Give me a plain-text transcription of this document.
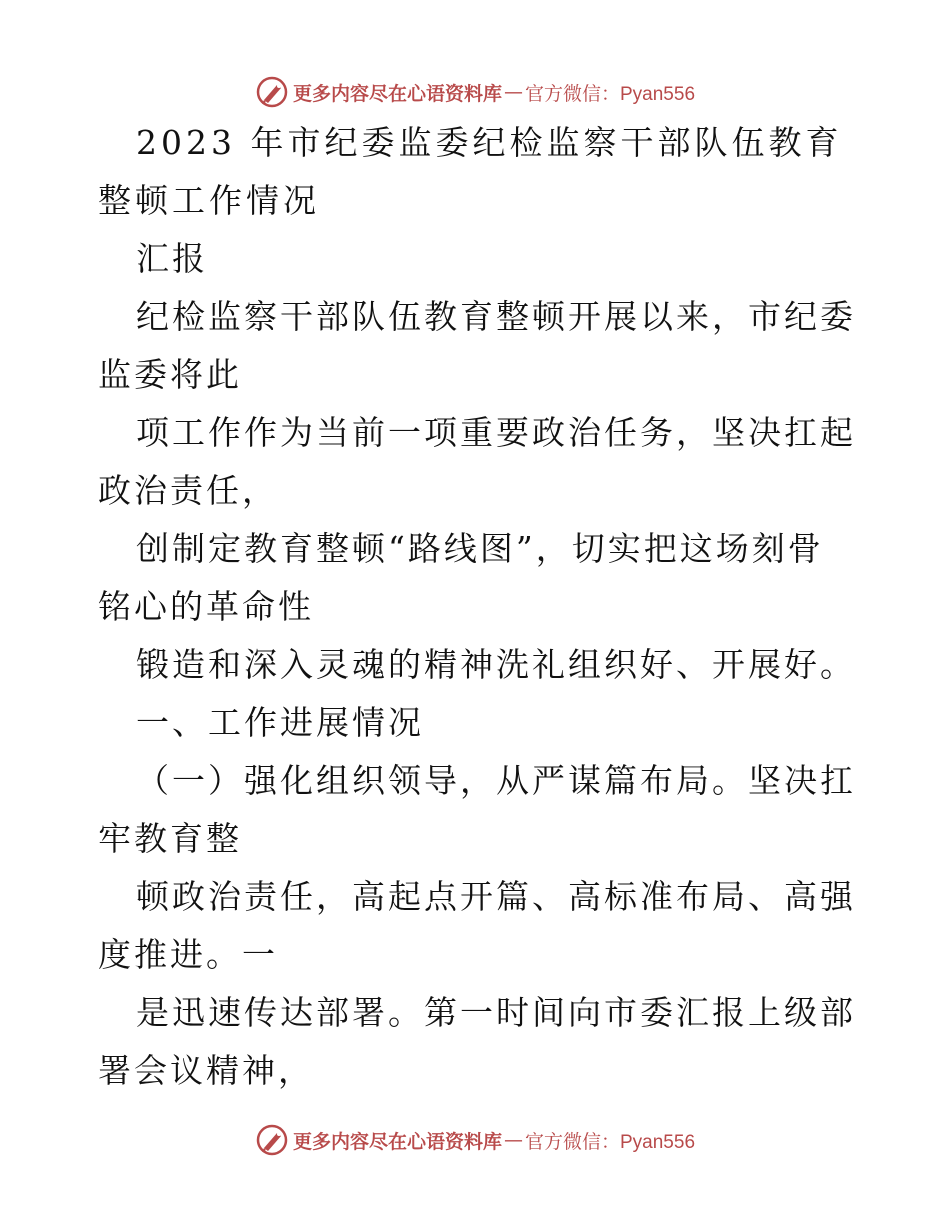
更多内容尽在心语资料库 — 官方微信：Pyan556

2023 年市纪委监委纪检监察干部队伍教育整顿工作情况

汇报

纪检监察干部队伍教育整顿开展以来，市纪委监委将此

项工作作为当前一项重要政治任务，坚决扛起政治责任，

创制定教育整顿“路线图”，切实把这场刻骨铭心的革命性

锻造和深入灵魂的精神洗礼组织好、开展好。

一、工作进展情况

（一）强化组织领导，从严谋篇布局。坚决扛牢教育整

顿政治责任，高起点开篇、高标准布局、高强度推进。一

是迅速传达部署。第一时间向市委汇报上级部署会议精神，

更多内容尽在心语资料库 — 官方微信：Pyan556
